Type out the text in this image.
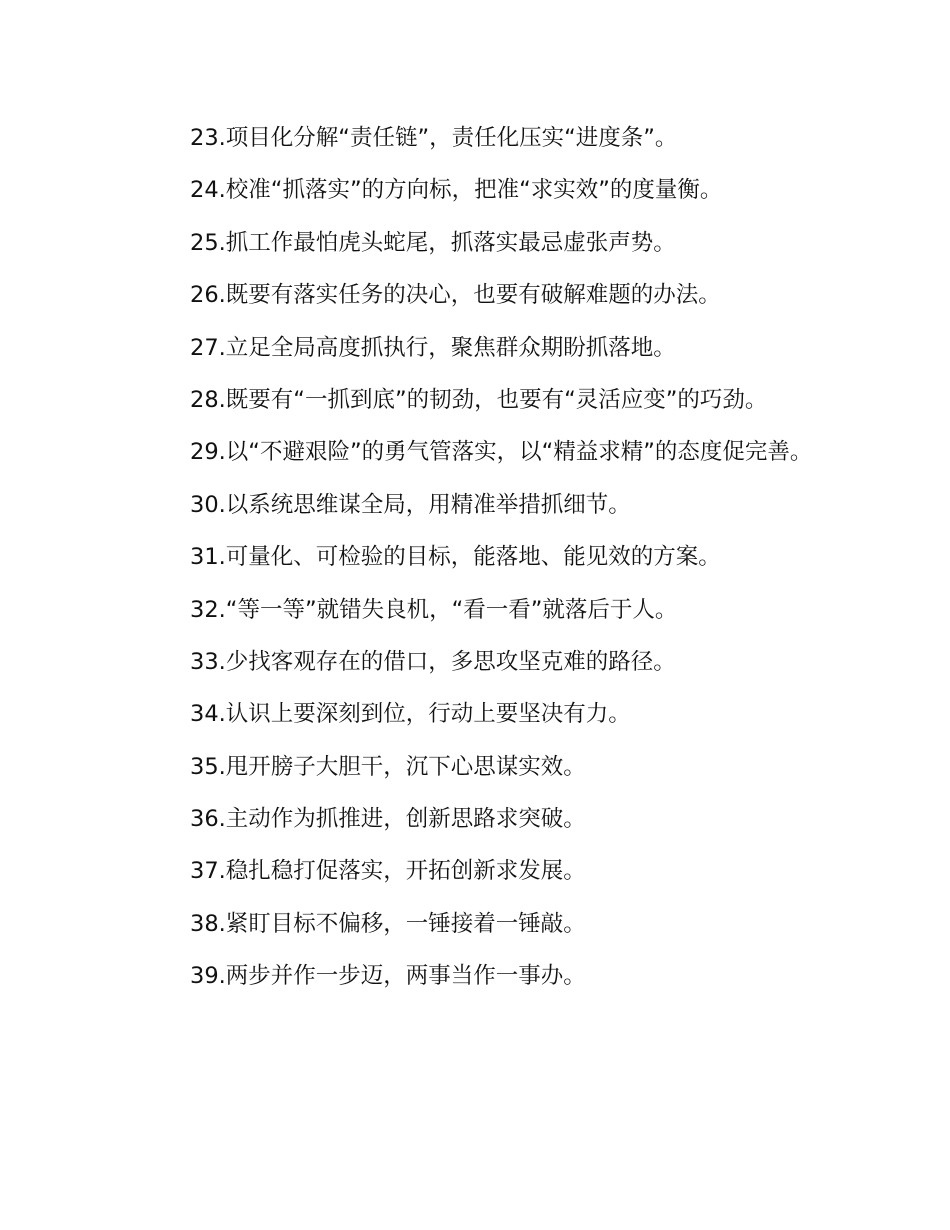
23.项目化分解“责任链”，责任化压实“进度条”。

24.校准“抓落实”的方向标，把准“求实效”的度量衡。

25.抓工作最怕虎头蛇尾，抓落实最忌虚张声势。

26.既要有落实任务的决心，也要有破解难题的办法。

27.立足全局高度抓执行，聚焦群众期盼抓落地。

28.既要有“一抓到底”的韧劲，也要有“灵活应变”的巧劲。

29.以“不避艰险”的勇气管落实，以“精益求精”的态度促完善。

30.以系统思维谋全局，用精准举措抓细节。

31.可量化、可检验的目标，能落地、能见效的方案。

32.“等一等”就错失良机，“看一看”就落后于人。

33.少找客观存在的借口，多思攻坚克难的路径。

34.认识上要深刻到位，行动上要坚决有力。

35.甩开膀子大胆干，沉下心思谋实效。

36.主动作为抓推进，创新思路求突破。

37.稳扎稳打促落实，开拓创新求发展。

38.紧盯目标不偏移，一锤接着一锤敲。

39.两步并作一步迈，两事当作一事办。
